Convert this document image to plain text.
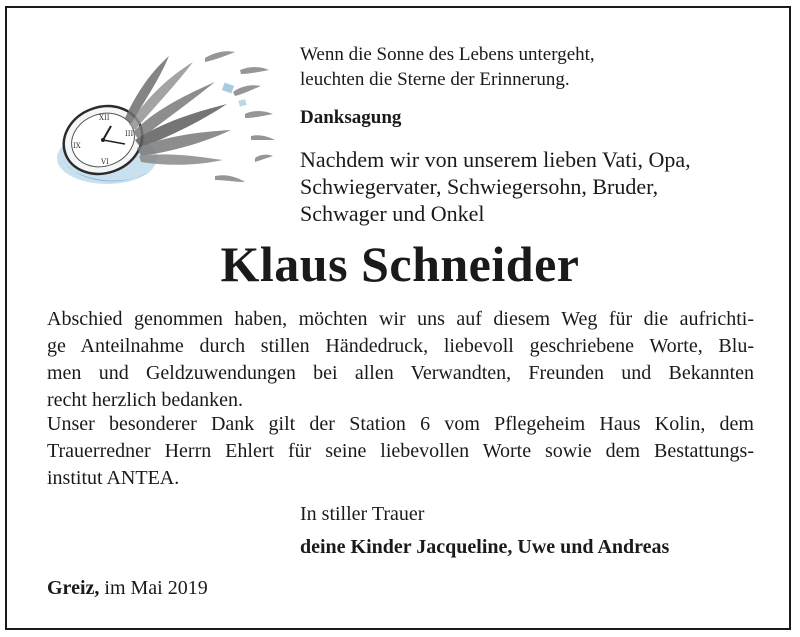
XII
III
VI
IX
Wenn die Sonne des Lebens untergeht,
leuchten die Sterne der Erinnerung.
Danksagung
Nachdem wir von unserem lieben Vati, Opa,
Schwiegervater, Schwiegersohn, Bruder,
Schwager und Onkel
Klaus Schneider
Abschied genommen haben, möchten wir uns auf diesem Weg für die aufrichti-
ge Anteilnahme durch stillen Händedruck, liebevoll geschriebene Worte, Blu-
men und Geldzuwendungen bei allen Verwandten, Freunden und Bekannten
recht herzlich bedanken.
Unser besonderer Dank gilt der Station 6 vom Pflegeheim Haus Kolin, dem
Trauerredner Herrn Ehlert für seine liebevollen Worte sowie dem Bestattungs-
institut ANTEA.
In stiller Trauer
deine Kinder Jacqueline, Uwe und Andreas
Greiz, im Mai 2019
